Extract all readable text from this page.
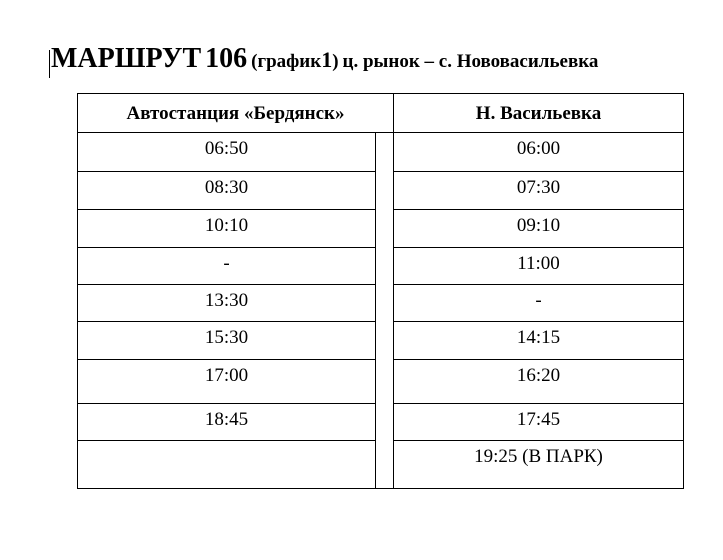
МАРШРУТ 106 (график1) ц. рынок – с. Нововасильевка
Автостанция «Бердянск»		Н. Васильевка
06:50		06:00
08:30		07:30
10:10		09:10
-		11:00
13:30		-
15:30		14:15
17:00		16:20
18:45		17:45
		19:25 (В ПАРК)
